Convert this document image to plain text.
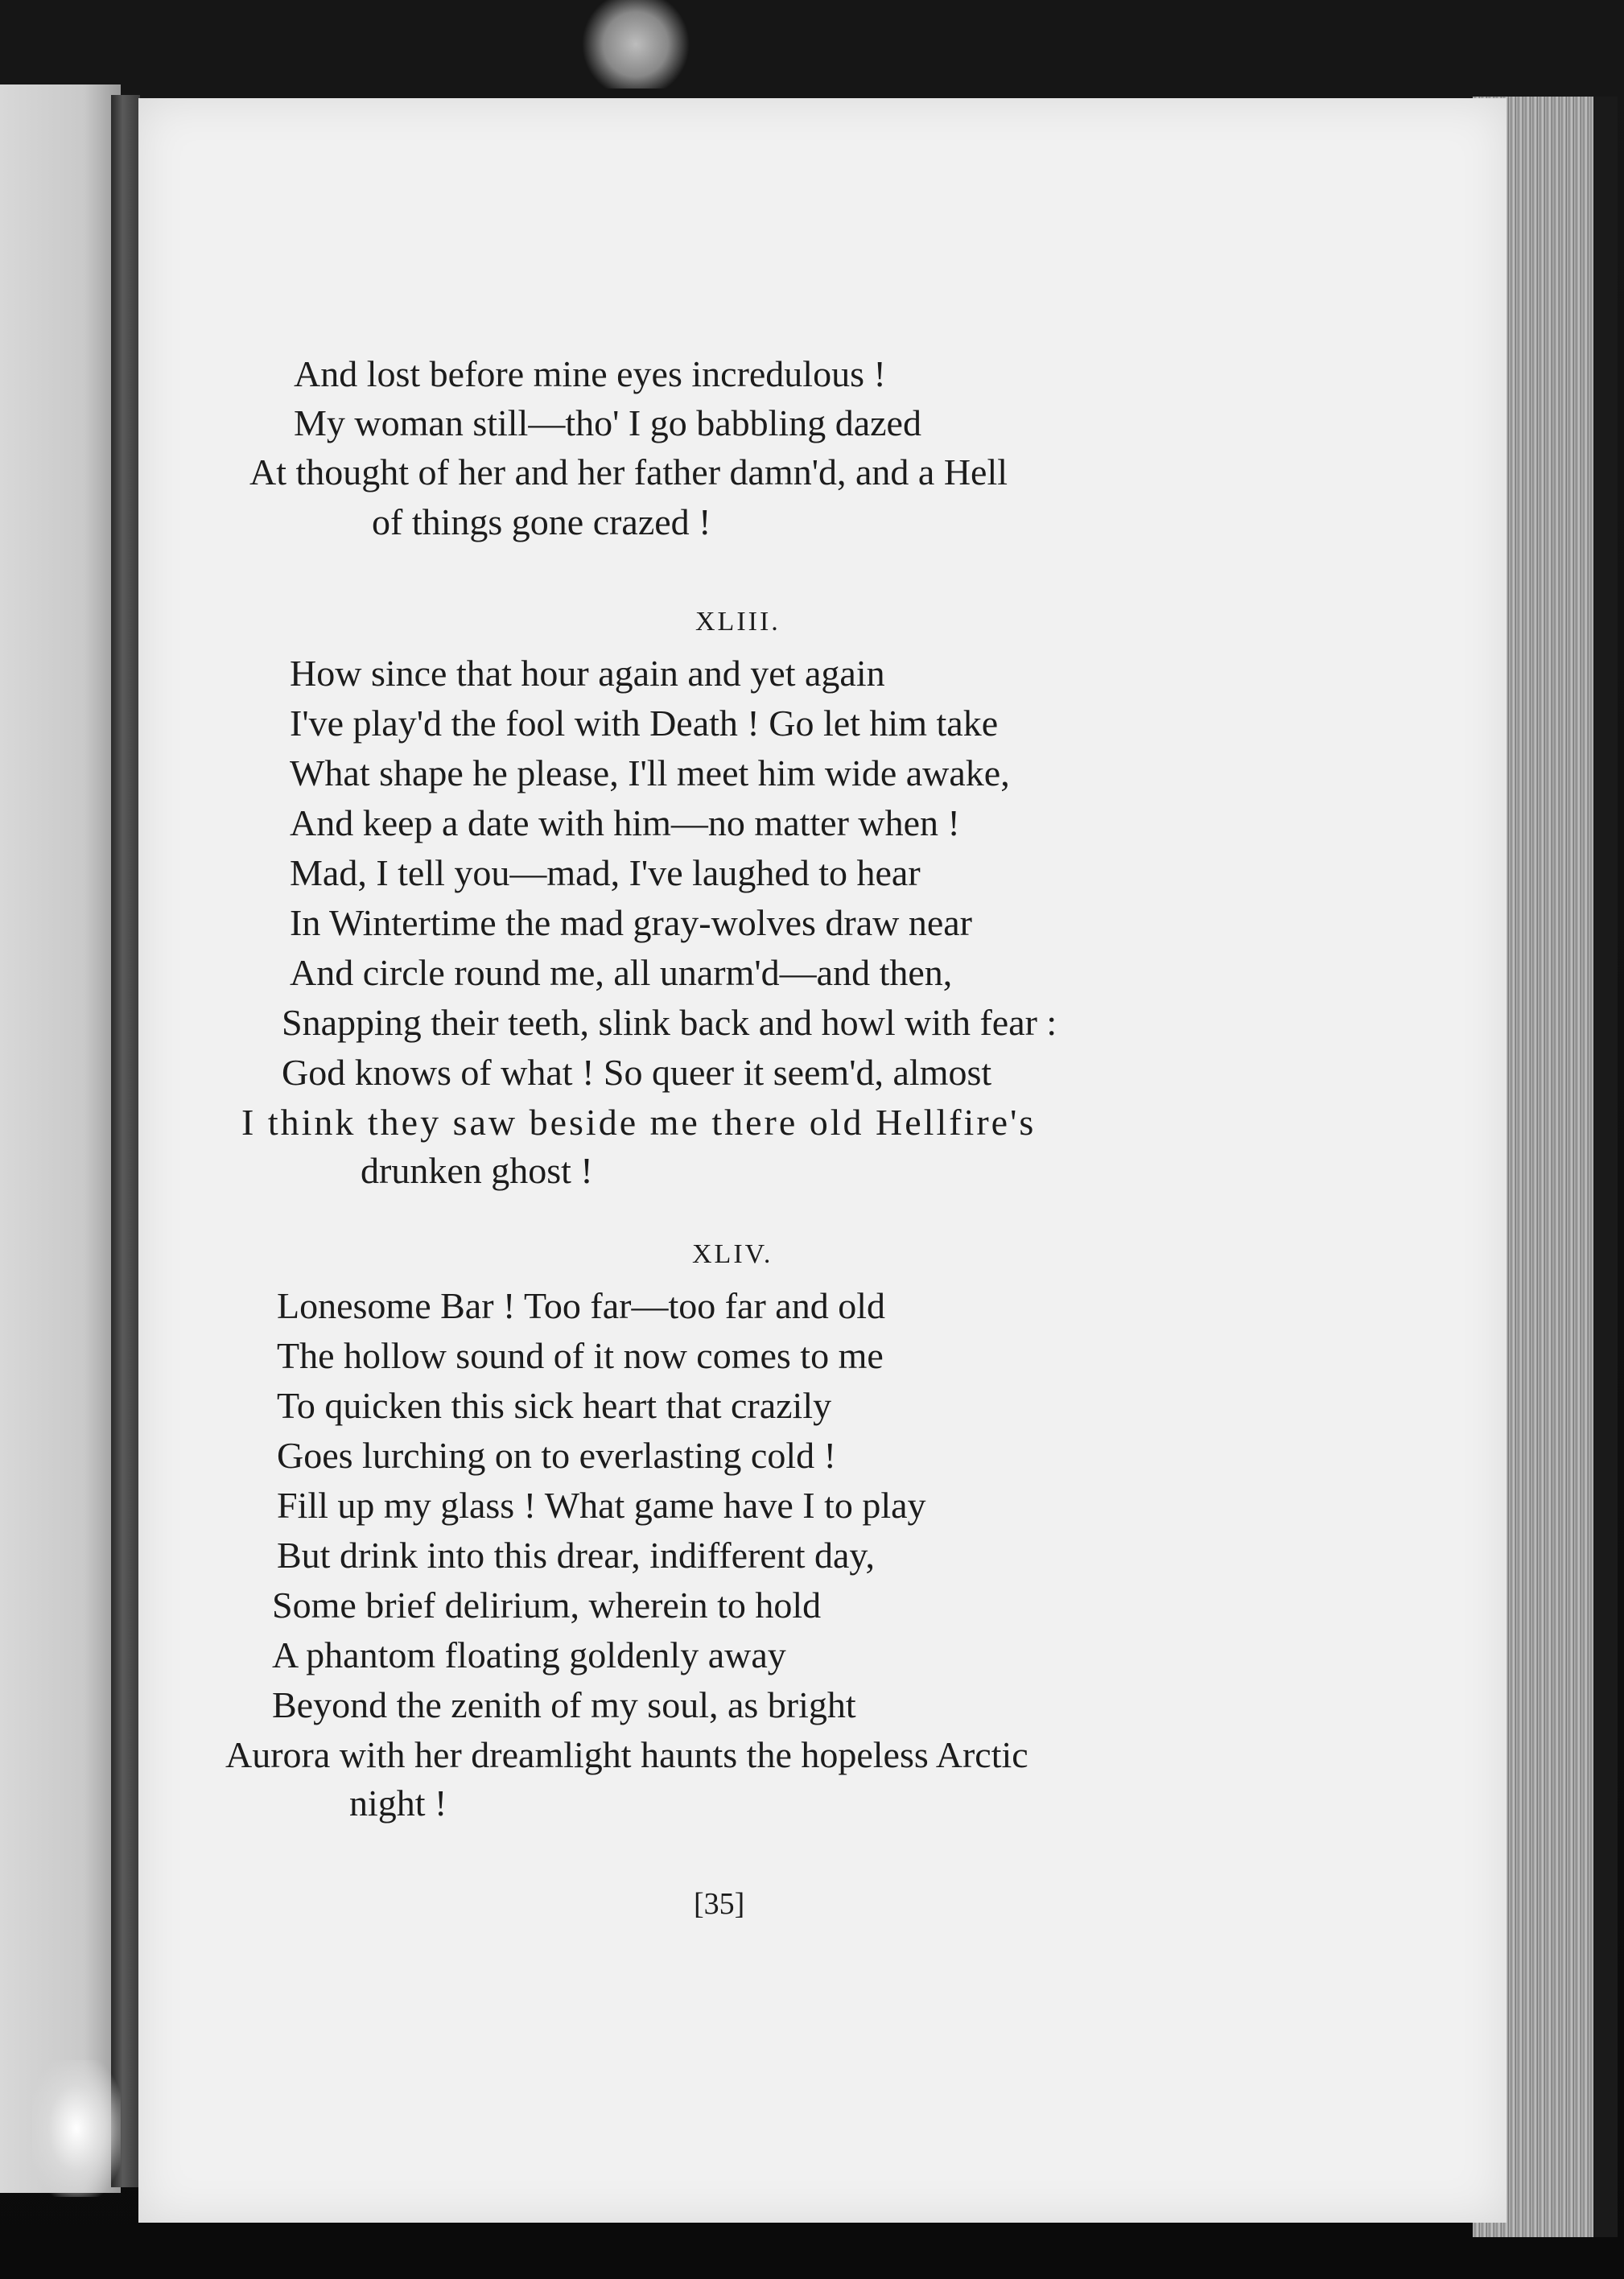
And lost before mine eyes incredulous !
My woman still—tho' I go babbling dazed
At thought of her and her father damn'd, and a Hell
of things gone crazed !
XLIII.
How since that hour again and yet again
I've play'd the fool with Death ! Go let him take
What shape he please, I'll meet him wide awake,
And keep a date with him—no matter when !
Mad, I tell you—mad, I've laughed to hear
In Wintertime the mad gray-wolves draw near
And circle round me, all unarm'd—and then,
Snapping their teeth, slink back and howl with fear :
God knows of what ! So queer it seem'd, almost
I think they saw beside me there old Hellfire's
drunken ghost !
XLIV.
Lonesome Bar ! Too far—too far and old
The hollow sound of it now comes to me
To quicken this sick heart that crazily
Goes lurching on to everlasting cold !
Fill up my glass ! What game have I to play
But drink into this drear, indifferent day,
Some brief delirium, wherein to hold
A phantom floating goldenly away
Beyond the zenith of my soul, as bright
Aurora with her dreamlight haunts the hopeless Arctic
night !
[35]
